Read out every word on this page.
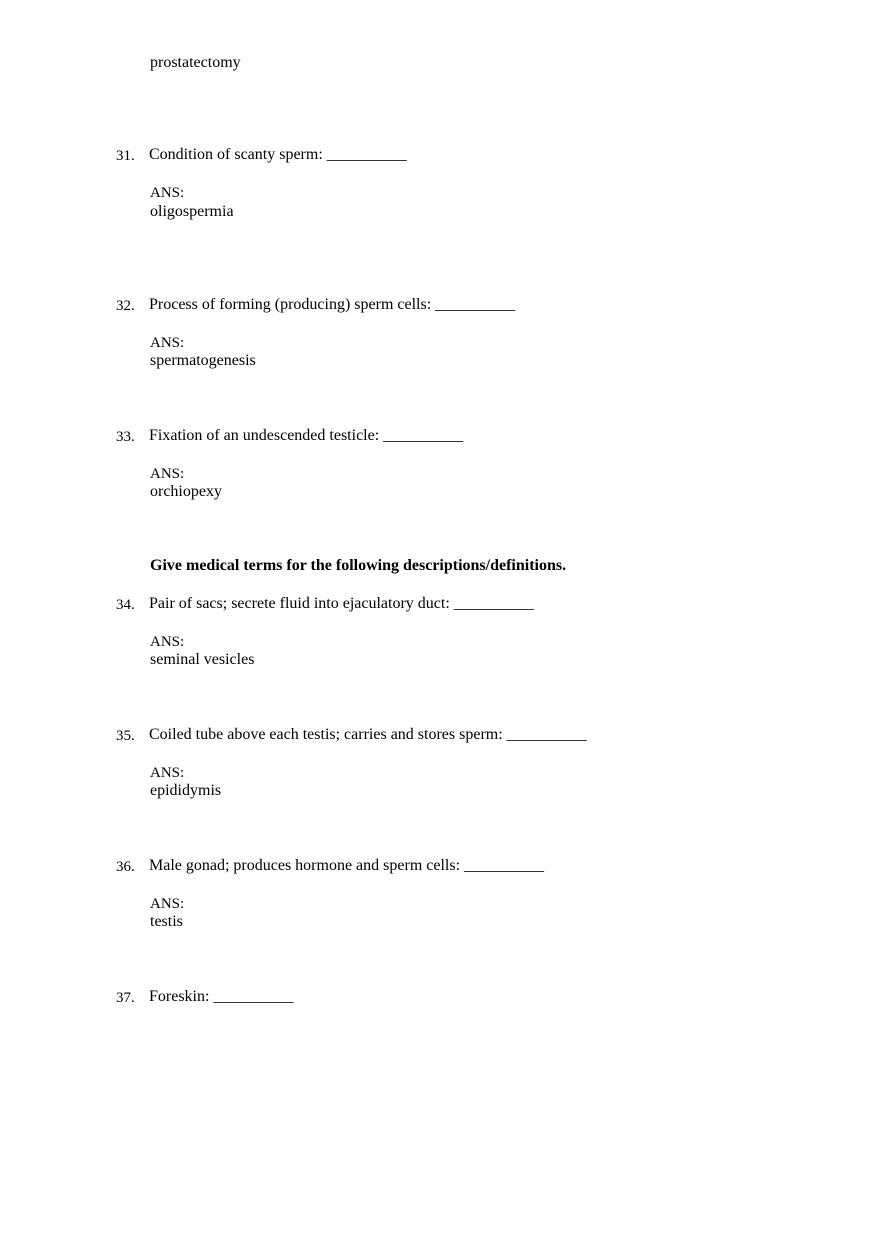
prostatectomy
31. Condition of scanty sperm: __________
ANS:
oligospermia
32. Process of forming (producing) sperm cells: __________
ANS:
spermatogenesis
33. Fixation of an undescended testicle: __________
ANS:
orchiopexy
Give medical terms for the following descriptions/definitions.
34. Pair of sacs; secrete fluid into ejaculatory duct: __________
ANS:
seminal vesicles
35. Coiled tube above each testis; carries and stores sperm: __________
ANS:
epididymis
36. Male gonad; produces hormone and sperm cells: __________
ANS:
testis
37. Foreskin: __________
